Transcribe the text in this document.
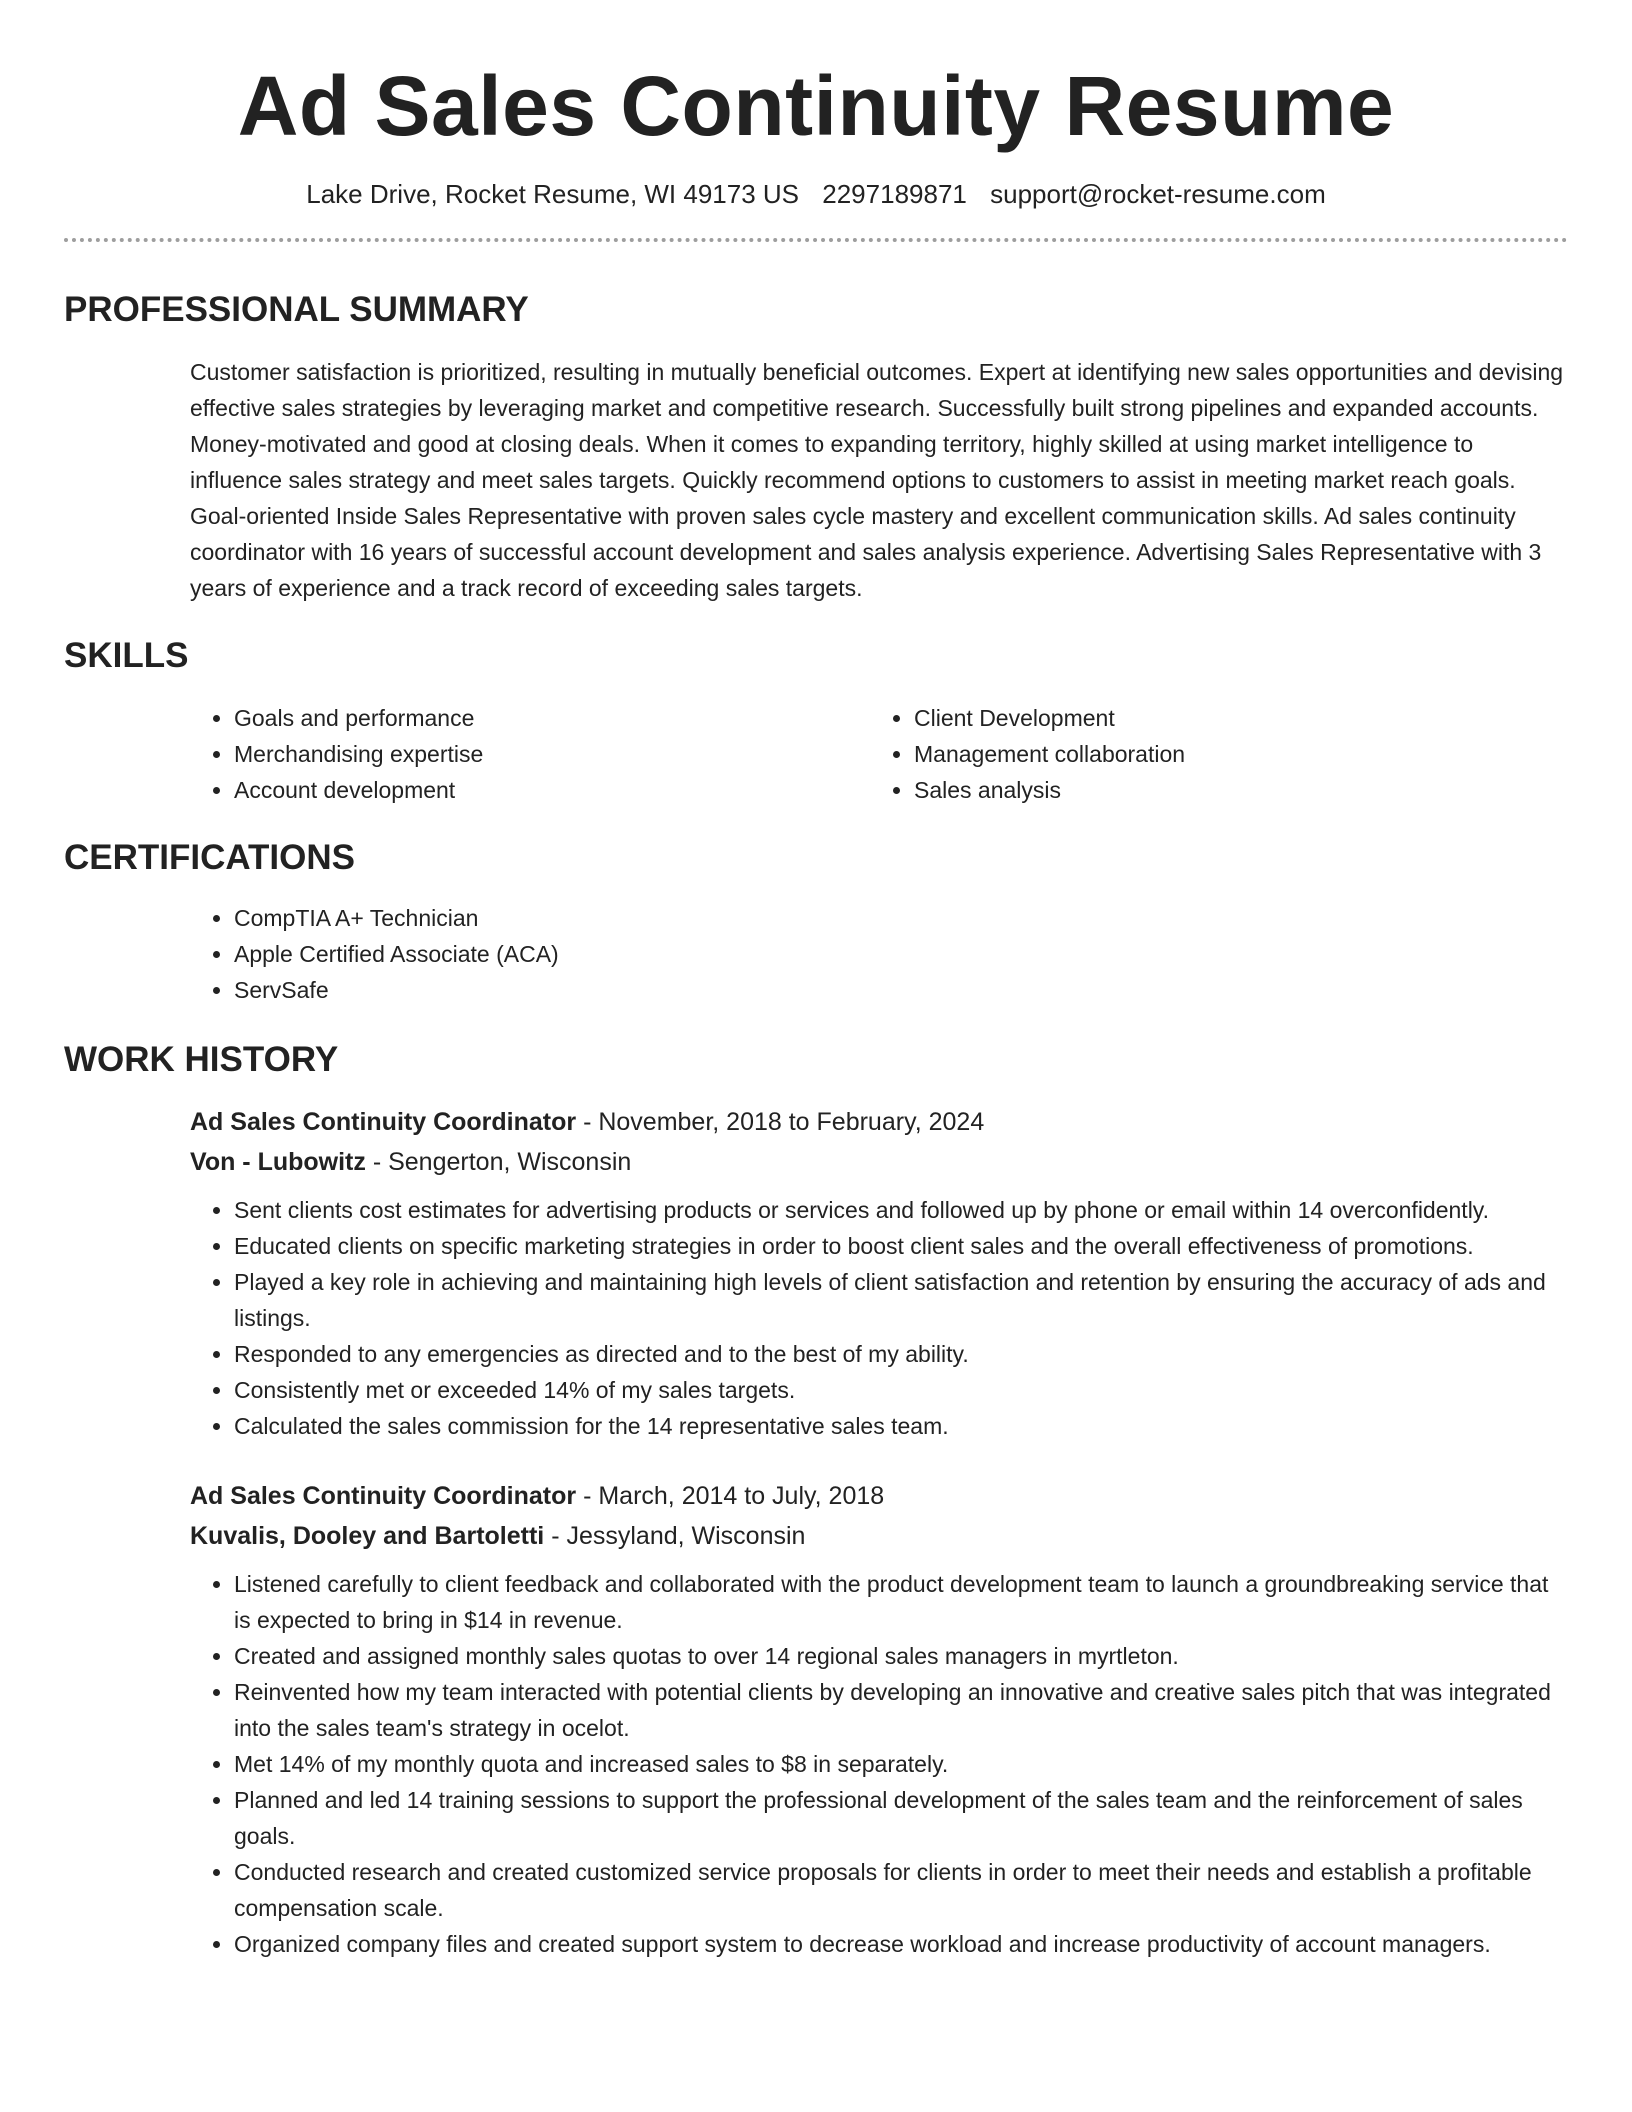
Ad Sales Continuity Resume
Lake Drive, Rocket Resume, WI 49173 US 2297189871 support@rocket-resume.com
PROFESSIONAL SUMMARY
Customer satisfaction is prioritized, resulting in mutually beneficial outcomes. Expert at identifying new sales opportunities and devising effective sales strategies by leveraging market and competitive research. Successfully built strong pipelines and expanded accounts. Money-motivated and good at closing deals. When it comes to expanding territory, highly skilled at using market intelligence to influence sales strategy and meet sales targets. Quickly recommend options to customers to assist in meeting market reach goals. Goal-oriented Inside Sales Representative with proven sales cycle mastery and excellent communication skills. Ad sales continuity coordinator with 16 years of successful account development and sales analysis experience. Advertising Sales Representative with 3 years of experience and a track record of exceeding sales targets.
SKILLS
• Goals and performance
• Merchandising expertise
• Account development
• Client Development
• Management collaboration
• Sales analysis
CERTIFICATIONS
• CompTIA A+ Technician
• Apple Certified Associate (ACA)
• ServSafe
WORK HISTORY
Ad Sales Continuity Coordinator - November, 2018 to February, 2024
Von - Lubowitz - Sengerton, Wisconsin
• Sent clients cost estimates for advertising products or services and followed up by phone or email within 14 overconfidently.
• Educated clients on specific marketing strategies in order to boost client sales and the overall effectiveness of promotions.
• Played a key role in achieving and maintaining high levels of client satisfaction and retention by ensuring the accuracy of ads and listings.
• Responded to any emergencies as directed and to the best of my ability.
• Consistently met or exceeded 14% of my sales targets.
• Calculated the sales commission for the 14 representative sales team.
Ad Sales Continuity Coordinator - March, 2014 to July, 2018
Kuvalis, Dooley and Bartoletti - Jessyland, Wisconsin
• Listened carefully to client feedback and collaborated with the product development team to launch a groundbreaking service that is expected to bring in $14 in revenue.
• Created and assigned monthly sales quotas to over 14 regional sales managers in myrtleton.
• Reinvented how my team interacted with potential clients by developing an innovative and creative sales pitch that was integrated into the sales team's strategy in ocelot.
• Met 14% of my monthly quota and increased sales to $8 in separately.
• Planned and led 14 training sessions to support the professional development of the sales team and the reinforcement of sales goals.
• Conducted research and created customized service proposals for clients in order to meet their needs and establish a profitable compensation scale.
• Organized company files and created support system to decrease workload and increase productivity of account managers.
